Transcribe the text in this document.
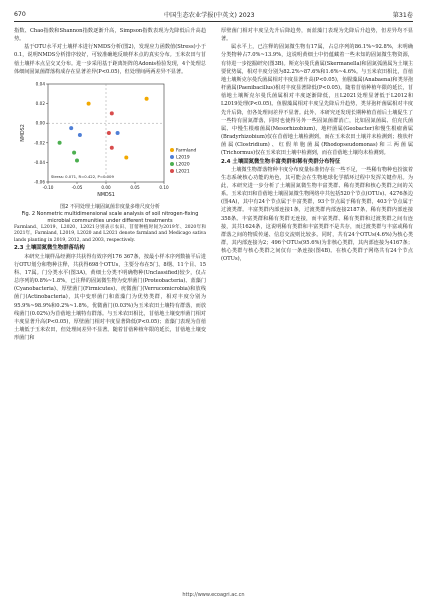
670	中国生态农业学报(中英文) 2023	第31卷

指数、Chao指数和Shannon指数逐渐升高，Simpson指数表现为先降低后升高趋势。

基于OTU水平对土壤样本进行NMDS分析(图2)，发现应力函数值(Stress)小于0.1，说明NMDS分析排序较好，可较准确地反映样本点的真实分布。玉米农田与苜蓿土壤样本点呈交叉分布。进一步采用基于距离矩阵的Adonis检验发现，4个处理总体细间固氮菌群落构成存在显著差异(P<0.05)，但处理间两两差异不显著。

-0.10	-0.05	0.00	0.05	0.10
-0.06
-0.04
-0.02
0.00
0.02
0.04
NMDS1
NMDS2
Stress: 0.071, R=0.422, P=0.009
Farmland
L2019
L2020
L2021

图2 不同处理土壤固氮菌非度量多维尺度分析

Fig. 2 Nonmetric multidimensional scale analysis of soil nitrogen-fixing microbial communities under different treatments

Farmland、L2019、L2020、L2021分别表示农田、苜蓿种植时间为2019年、2020年和2021年。Farmland, L2019, L2020 and L2021 denote farmland and Medicago sativa lands planting in 2019, 2012, and 2003, respectively.

2.3 土壤固氮微生物群落结构

本研究土壤样品经测序共获得有效序列176 367条，按最小样本序列数抽平后进行OTU划分和物种注释，共获得698个OTUs，主要分布在5门、8纲、11个目、15科、17属。门分类水平(图3A)，黄细土分类不明确物种(Unclassified)较少，仅占总序列的0.8%~1.8%，已注释的固氮微生物为变形菌门(Proteobacteria)、蓝藻门(Cyanobacteria)、厚壁菌门(Firmicutes)、疣微菌门(Verrucomicrobia)和放线菌门(Actinobacteria)，其中变形菌门和蓝藻门为优势类群，相对丰度分别为95.9%~98.9%和0.2%~1.8%。优微菌门(0.03%)为玉米农田土壤特有群落，而放线菌门(0.02%)为苜蓿地土壤特有群落。与玉米农田相比，苜蓿地土壤变形菌门相对丰度显著升高(P<0.05)，厚壁菌门相对丰度显著降低(P<0.05)；蓝藻门表现为苜蓿土壤低于玉米农田，但处理间差异不显著。随着苜蓿种植年限的延长，苜蓿地土壤变形菌门和

厚壁菌门相对丰度呈先升后降趋势，而蓝藻门表现为先降后升趋势，但差异均不显著。

属水平上，已注释的固氮微生物有17属，占总序列的86.1%~92.8%，未明确分类物种占7.0%~13.9%，这说明黄细土中仍蕴藏着一些未知的固氮微生物资源，有待进一步挖掘研究(图3B)。斯克尔曼氏菌属(Skermanella)和固氮弧菌属为土壤主要优势属，相对丰度分别为82.2%~87.6%和1.6%~4.6%。与玉米农田相比，苜蓿地土壤斯克尔曼氏菌属相对丰度显著升高(P<0.05)，鱼腥藻属(Anabaena)和类芽孢杆菌属(Paenibacillus)相对丰度显著降低(P<0.05)。随着苜蓿种植年限的延长，苜蓿地土壤斯克尔曼氏菌属相对丰度逐渐降低，且L2021处理显著低于L2012和L2019处理(P<0.05)。鱼腥藻属相对丰度呈先降后升趋势，类芽孢杆菌属相对丰度先升后降，但各处理间差异不显著。此外，本研究还发现长期种植苜蓿后土壤促生了一些特有固氮群落，同时也使得另外一些固氮菌群消亡，比如固氮菌属、伯克氏菌属、中慢生根瘤菌属(Mesorhizobium)、地杆菌属(Geobacter)和慢生根瘤菌属(Bradyrhizobium)仅在苜蓿地土壤检测到，而在玉米农田土壤并未检测到；梭状杆菌属(Clostridium)、红假单胞菌属(Rhodopseudomonas)和三两菌属(Trichormus)仅在玉米农田土壤中检测到，而在苜蓿地土壤均未检测到。

2.4 土壤固氮微生物丰富类群和稀有类群分布特征

土壤微生物群落物种丰度分布度量标准仍存在一些不足，一些稀有物种也扮演着生态系统核心功能的角色，其可能会在生物地球化学循环过程中发挥关键作用。为此，本研究进一步分析了土壤固氮微生物丰富类群、稀有类群和核心类群之间的关系。玉米农田和苜蓿地土壤固氮微生物网络中共包括520个节点(OTUs)、4276条边(图4A)，其中有24个节点属于丰富类群，93个节点属于稀有类群，403个节点属于过渡类群。丰富类群内部连接1条，过渡类群内部连接2187条，稀有类群内部连接358条。丰富类群和稀有类群无连接，而丰富类群、稀有类群和过渡类群之间有连接，其共1624条，这说明稀有类群和丰富类群不是共存，而过渡类群与丰富或稀有群落之间的物质传递、信息交流则比较多。同时，共有24个OTUs(4.6%)为核心类群，其内部连接为2；496个OTUs(95.6%)为非核心类群，其内部连接为4167条；核心类群与核心类群之间仅有一条连接(图4B)。在核心类群子网络共有24个节点(OTUs)，

http://www.ecoagri.ac.cn
